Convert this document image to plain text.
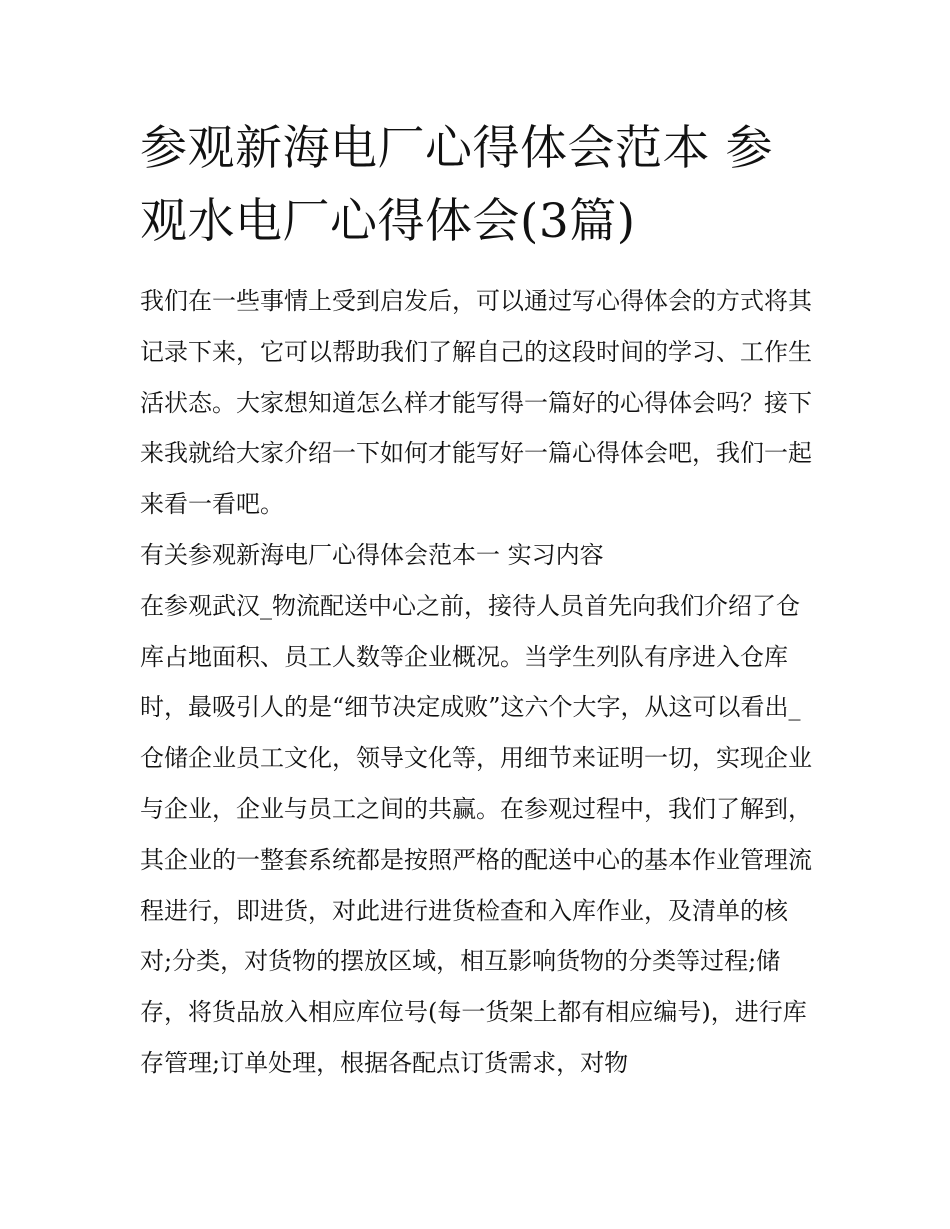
参观新海电厂心得体会范本 参观水电厂心得体会(3篇)

我们在一些事情上受到启发后，可以通过写心得体会的方式将其记录下来，它可以帮助我们了解自己的这段时间的学习、工作生活状态。大家想知道怎么样才能写得一篇好的心得体会吗？接下来我就给大家介绍一下如何才能写好一篇心得体会吧，我们一起来看一看吧。

有关参观新海电厂心得体会范本一 实习内容

在参观武汉_物流配送中心之前，接待人员首先向我们介绍了仓库占地面积、员工人数等企业概况。当学生列队有序进入仓库时，最吸引人的是“细节决定成败”这六个大字，从这可以看出_仓储企业员工文化，领导文化等，用细节来证明一切，实现企业与企业，企业与员工之间的共赢。在参观过程中，我们了解到，其企业的一整套系统都是按照严格的配送中心的基本作业管理流程进行，即进货，对此进行进货检查和入库作业，及清单的核对;分类，对货物的摆放区域，相互影响货物的分类等过程;储存，将货品放入相应库位号(每一货架上都有相应编号)，进行库存管理;订单处理，根据各配点订货需求，对物
